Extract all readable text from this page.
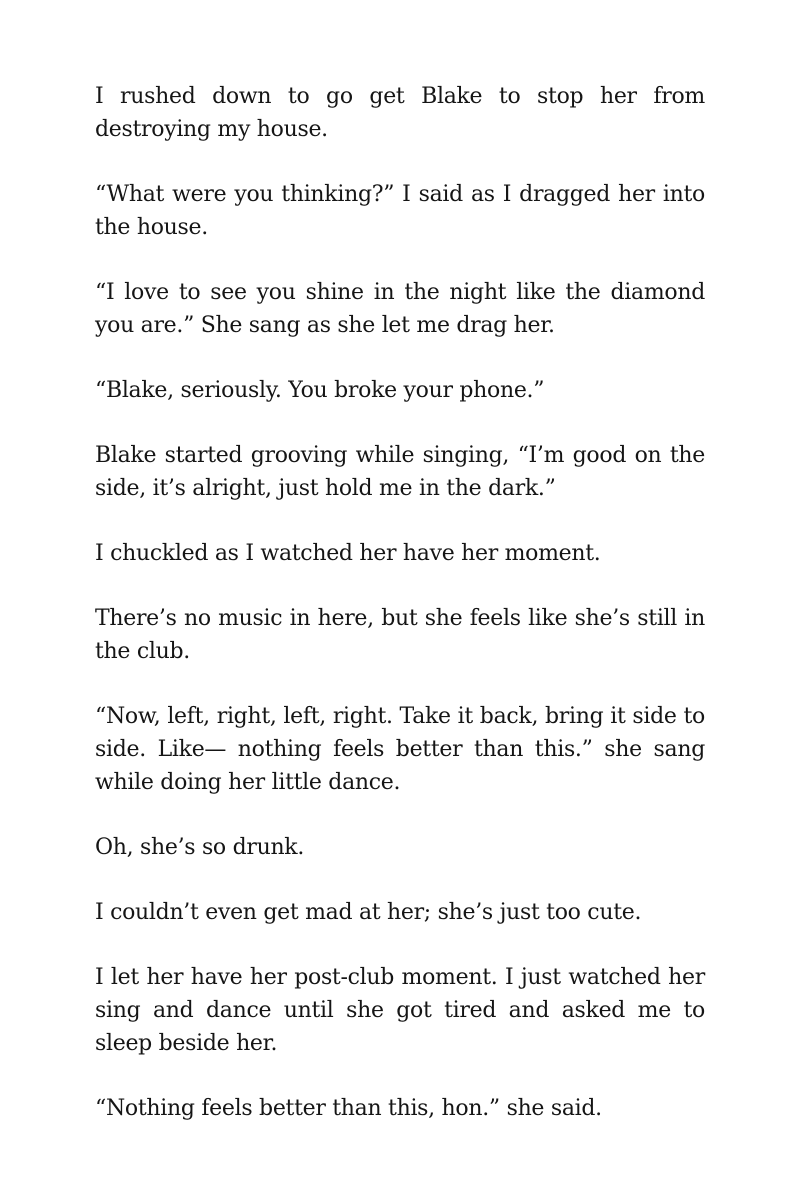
I rushed down to go get Blake to stop her from destroying my house.

“What were you thinking?” I said as I dragged her into the house.

“I love to see you shine in the night like the diamond you are.” She sang as she let me drag her.

“Blake, seriously. You broke your phone.”

Blake started grooving while singing, “I’m good on the side, it’s alright, just hold me in the dark.”

I chuckled as I watched her have her moment.

There’s no music in here, but she feels like she’s still in the club.

“Now, left, right, left, right. Take it back, bring it side to side. Like— nothing feels better than this.” she sang while doing her little dance.

Oh, she’s so drunk.

I couldn’t even get mad at her; she’s just too cute.

I let her have her post-club moment. I just watched her sing and dance until she got tired and asked me to sleep beside her.

“Nothing feels better than this, hon.” she said.
